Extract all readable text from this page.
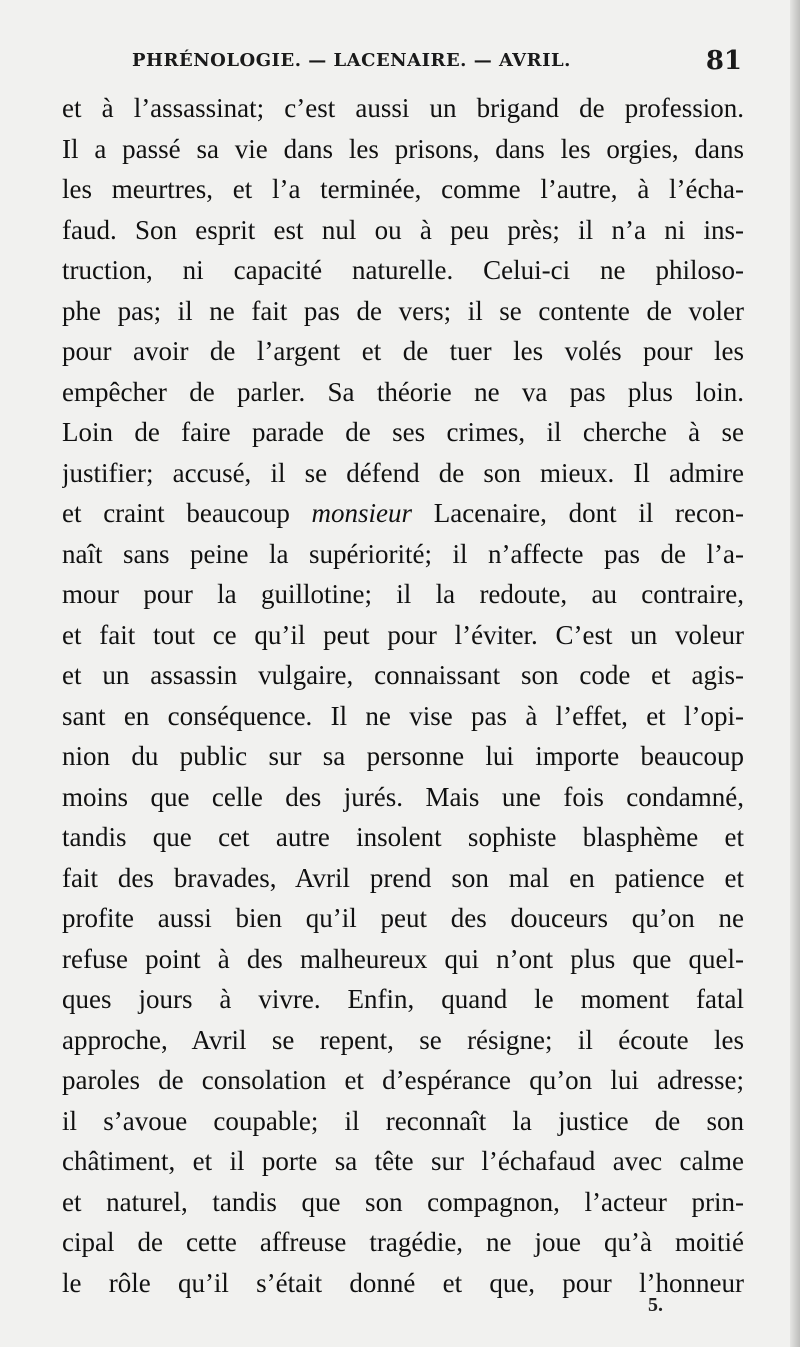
PHRÉNOLOGIE. — LACENAIRE. — AVRIL.	81
et à l’assassinat; c’est aussi un brigand de profession.
Il a passé sa vie dans les prisons, dans les orgies, dans
les meurtres, et l’a terminée, comme l’autre, à l’écha-
faud. Son esprit est nul ou à peu près; il n’a ni ins-
truction, ni capacité naturelle. Celui-ci ne philoso-
phe pas; il ne fait pas de vers; il se contente de voler
pour avoir de l’argent et de tuer les volés pour les
empêcher de parler. Sa théorie ne va pas plus loin.
Loin de faire parade de ses crimes, il cherche à se
justifier; accusé, il se défend de son mieux. Il admire
et craint beaucoup monsieur Lacenaire, dont il recon-
naît sans peine la supériorité; il n’affecte pas de l’a-
mour pour la guillotine; il la redoute, au contraire,
et fait tout ce qu’il peut pour l’éviter. C’est un voleur
et un assassin vulgaire, connaissant son code et agis-
sant en conséquence. Il ne vise pas à l’effet, et l’opi-
nion du public sur sa personne lui importe beaucoup
moins que celle des jurés. Mais une fois condamné,
tandis que cet autre insolent sophiste blasphème et
fait des bravades, Avril prend son mal en patience et
profite aussi bien qu’il peut des douceurs qu’on ne
refuse point à des malheureux qui n’ont plus que quel-
ques jours à vivre. Enfin, quand le moment fatal
approche, Avril se repent, se résigne; il écoute les
paroles de consolation et d’espérance qu’on lui adresse;
il s’avoue coupable; il reconnaît la justice de son
châtiment, et il porte sa tête sur l’échafaud avec calme
et naturel, tandis que son compagnon, l’acteur prin-
cipal de cette affreuse tragédie, ne joue qu’à moitié
le rôle qu’il s’était donné et que, pour l’honneur
5.
